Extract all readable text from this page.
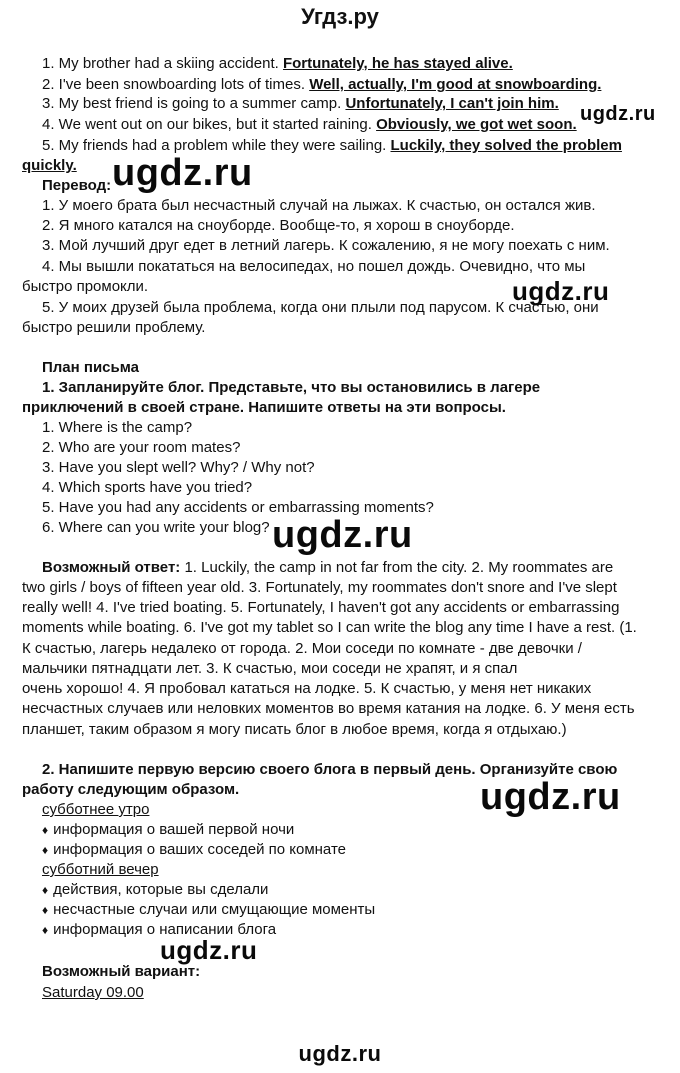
Угдз.ру
1. My brother had a skiing accident. Fortunately, he has stayed alive.
2. I've been snowboarding lots of times. Well, actually, I'm good at snowboarding.
3. My best friend is going to a summer camp. Unfortunately, I can't join him.
4. We went out on our bikes, but it started raining. Obviously, we got wet soon.
5. My friends had a problem while they were sailing. Luckily, they solved the problem
quickly.
Перевод:
1. У моего брата был несчастный случай на лыжах. К счастью, он остался жив.
2. Я много катался на сноуборде. Вообще-то, я хорош в сноуборде.
3. Мой лучший друг едет в летний лагерь. К сожалению, я не могу поехать с ним.
4. Мы вышли покататься на велосипедах, но пошел дождь. Очевидно, что мы
быстро промокли.
5. У моих друзей была проблема, когда они плыли под парусом. К счастью, они
быстро решили проблему.
План письма
1. Запланируйте блог. Представьте, что вы остановились в лагере
приключений в своей стране. Напишите ответы на эти вопросы.
1. Where is the camp?
2. Who are your room mates?
3. Have you slept well? Why? / Why not?
4. Which sports have you tried?
5. Have you had any accidents or embarrassing moments?
6. Where can you write your blog?
Возможный ответ: 1. Luckily, the camp in not far from the city. 2. My roommates are
two girls / boys of fifteen year old. 3. Fortunately, my roommates don't snore and I've slept
really well! 4. I've tried boating. 5. Fortunately, I haven't got any accidents or embarrassing
moments while boating. 6. I've got my tablet so I can write the blog any time I have a rest. (1.
К счастью, лагерь недалеко от города. 2. Мои соседи по комнате - две девочки /
мальчики пятнадцати лет. 3. К счастью, мои соседи не храпят, и я спал
очень хорошо! 4. Я пробовал кататься на лодке. 5. К счастью, у меня нет никаких
несчастных случаев или неловких моментов во время катания на лодке. 6. У меня есть
планшет, таким образом я могу писать блог в любое время, когда я отдыхаю.)
2. Напишите первую версию своего блога в первый день. Организуйте свою
работу следующим образом.
субботнее утро
♦ информация о вашей первой ночи
♦ информация о ваших соседей по комнате
субботний вечер
♦ действия, которые вы сделали
♦ несчастные случаи или смущающие моменты
♦ информация о написании блога
Возможный вариант:
Saturday 09.00
ugdz.ru
ugdz.ru
ugdz.ru
ugdz.ru
ugdz.ru
ugdz.ru
ugdz.ru
